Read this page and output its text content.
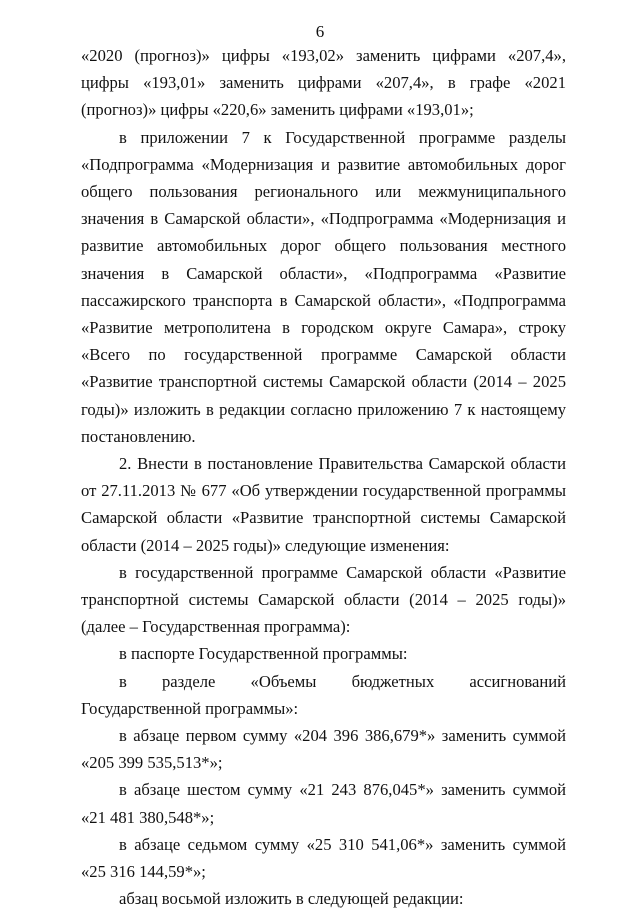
6

«2020 (прогноз)» цифры «193,02» заменить цифрами «207,4», цифры «193,01» заменить цифрами «207,4», в графе «2021 (прогноз)» цифры «220,6» заменить цифрами «193,01»;

в приложении 7 к Государственной программе разделы «Подпрограмма «Модернизация и развитие автомобильных дорог общего пользования регионального или межмуниципального значения в Самарской области», «Подпрограмма «Модернизация и развитие автомобильных дорог общего пользования местного значения в Самарской области», «Подпрограмма «Развитие пассажирского транспорта в Самарской области», «Подпрограмма «Развитие метрополитена в городском округе Самара», строку «Всего по государственной программе Самарской области «Развитие транспортной системы Самарской области (2014 – 2025 годы)» изложить в редакции согласно приложению 7 к настоящему постановлению.

2. Внести в постановление Правительства Самарской области от 27.11.2013 № 677 «Об утверждении государственной программы Самарской области «Развитие транспортной системы Самарской области (2014 – 2025 годы)» следующие изменения:

в государственной программе Самарской области «Развитие транспортной системы Самарской области (2014 – 2025 годы)» (далее – Государственная программа):

в паспорте Государственной программы:

в разделе «Объемы бюджетных ассигнований Государственной программы»:

в абзаце первом сумму «204 396 386,679*» заменить суммой «205 399 535,513*»;

в абзаце шестом сумму «21 243 876,045*» заменить суммой «21 481 380,548*»;

в абзаце седьмом сумму «25 310 541,06*» заменить суммой «25 316 144,59*»;

абзац восьмой изложить в следующей редакции:
